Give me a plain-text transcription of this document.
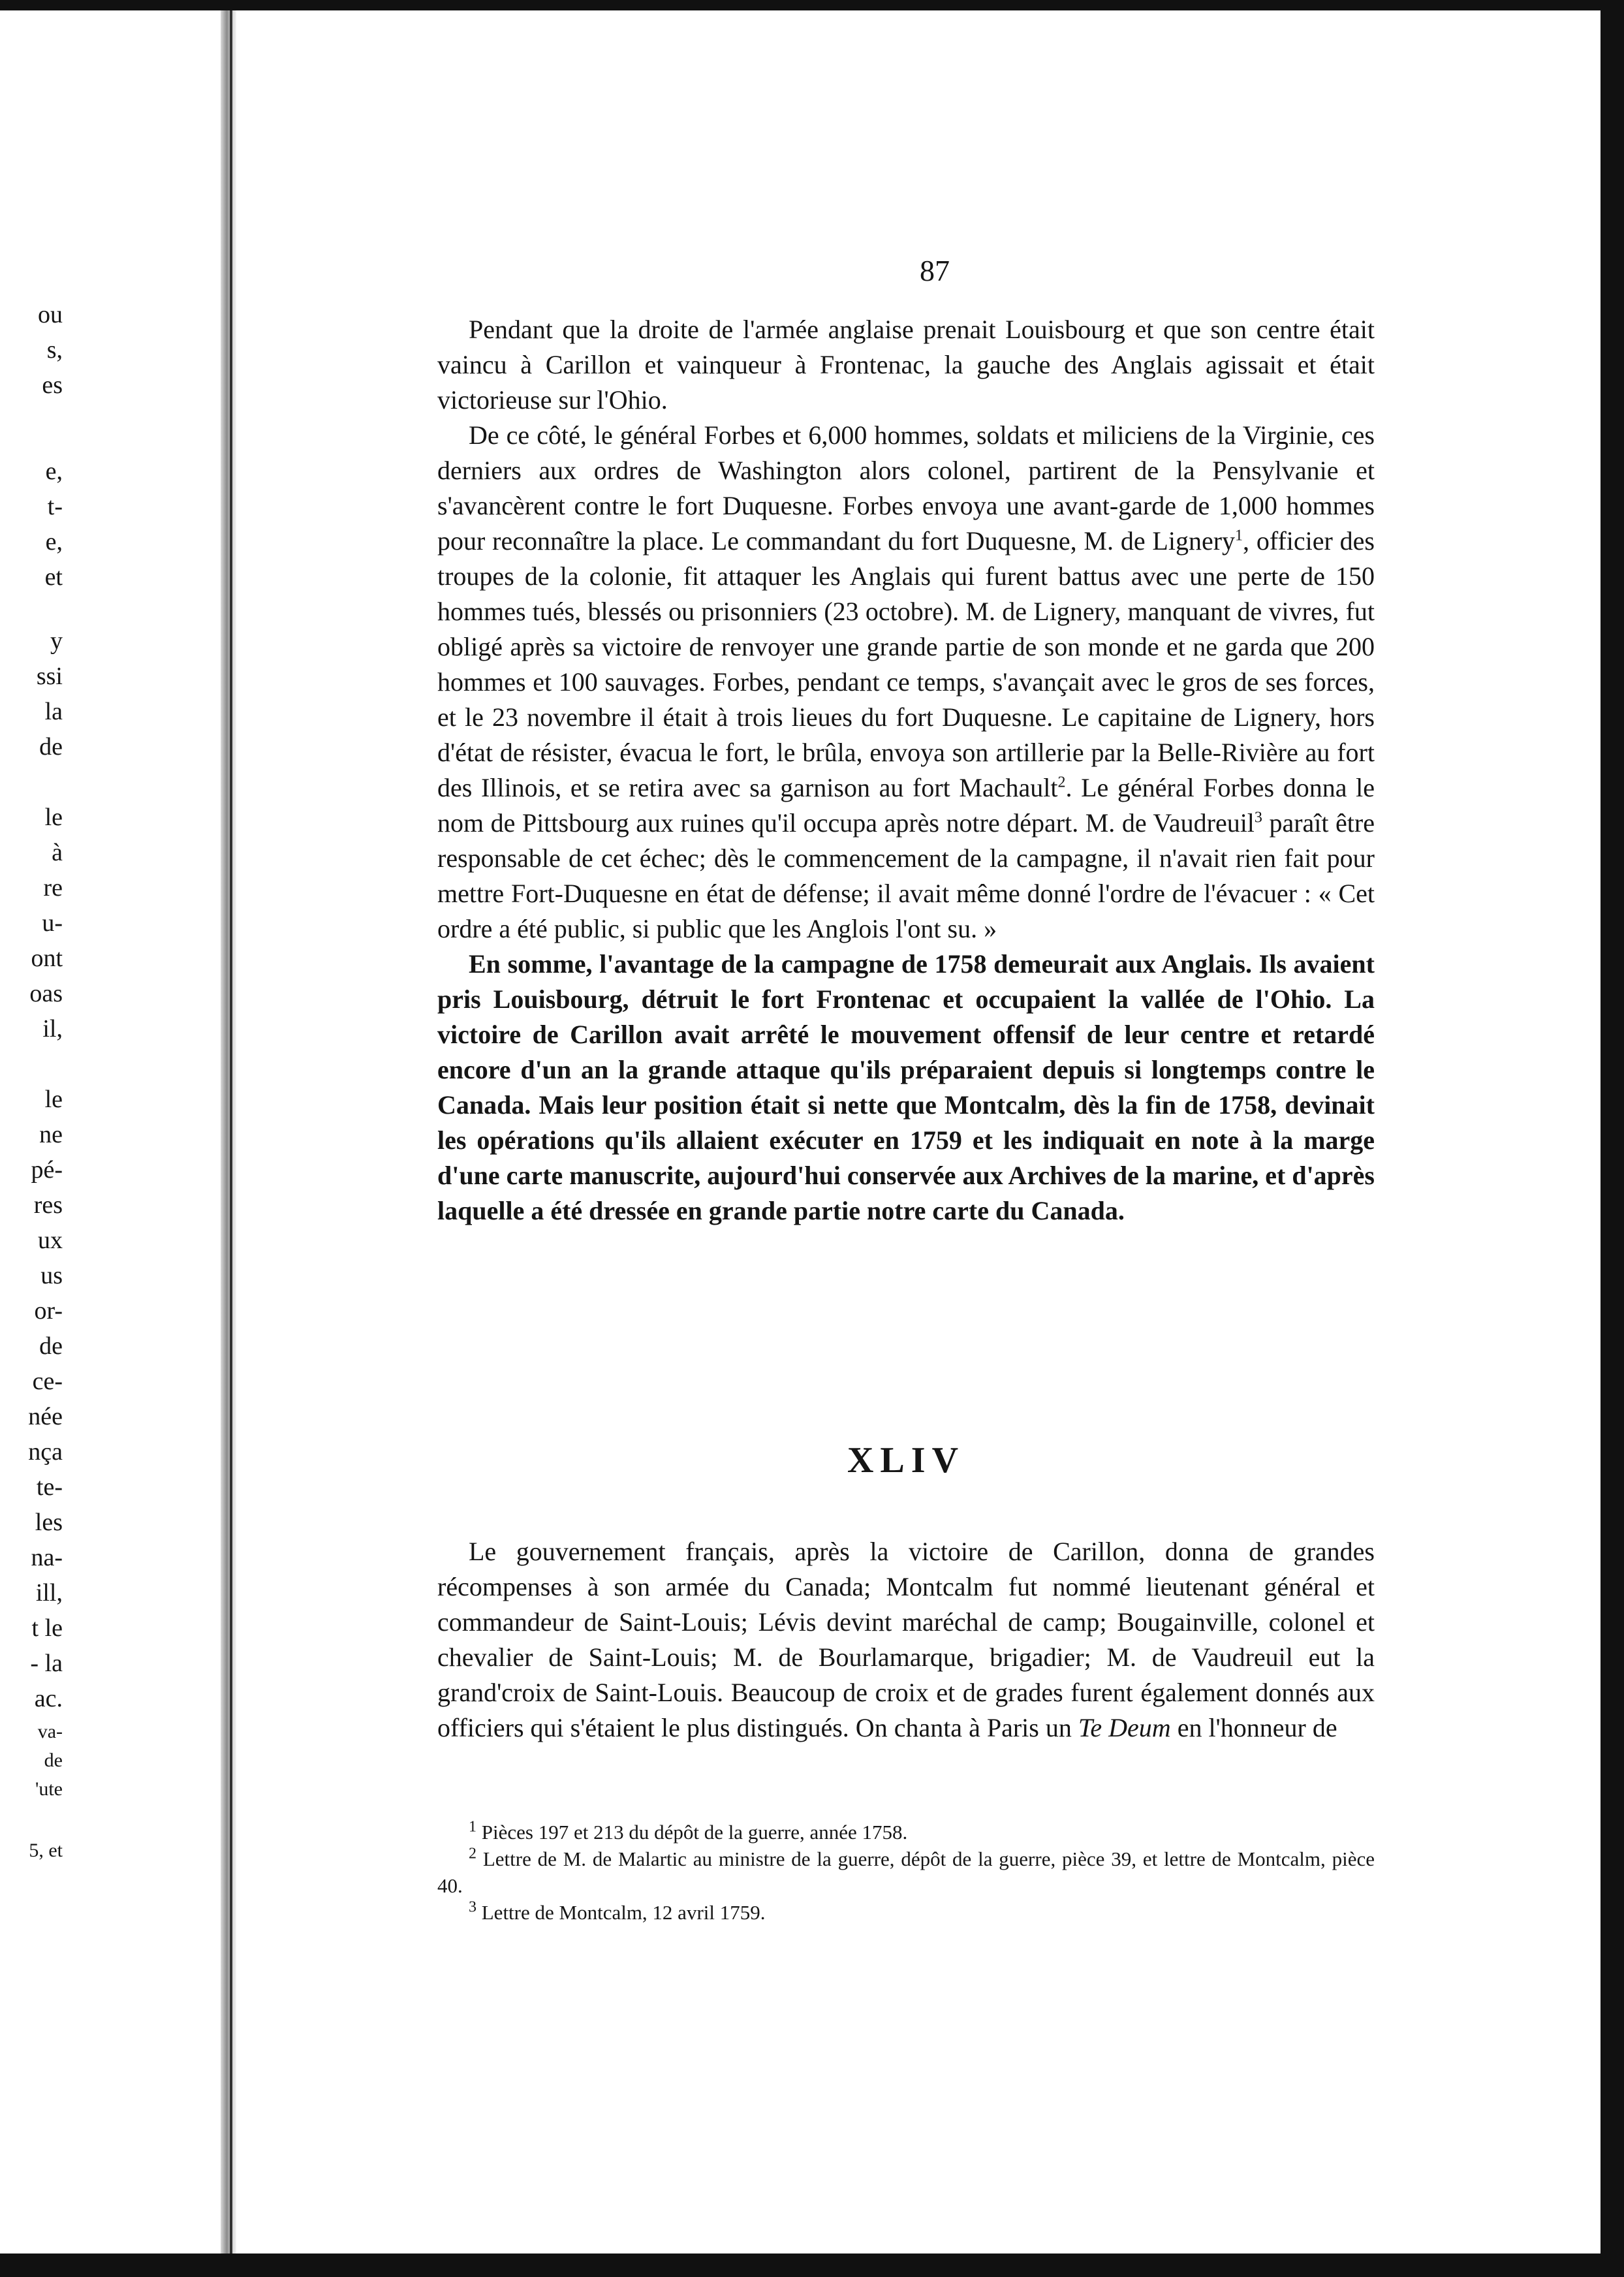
ou
s,
es
e,
t-
e,
et
y
ssi
la
de
le
à
re
u-
ont
oas
il,
le
ne
pé-
res
ux
us
or-
de
ce-
née
nça
te-
les
na-
ill,
t le
- la
ac.
va-
de
'ute
5, et
87

Pendant que la droite de l'armée anglaise prenait Louisbourg et que son centre était vaincu à Carillon et vainqueur à Frontenac, la gauche des Anglais agissait et était victorieuse sur l'Ohio.

De ce côté, le général Forbes et 6,000 hommes, soldats et miliciens de la Virginie, ces derniers aux ordres de Washington alors colonel, partirent de la Pensylvanie et s'avancèrent contre le fort Duquesne. Forbes envoya une avant-garde de 1,000 hommes pour reconnaître la place. Le commandant du fort Duquesne, M. de Lignery$^1$, officier des troupes de la colonie, fit attaquer les Anglais qui furent battus avec une perte de 150 hommes tués, blessés ou prisonniers (23 octobre). M. de Lignery, manquant de vivres, fut obligé après sa victoire de renvoyer une grande partie de son monde et ne garda que 200 hommes et 100 sauvages. Forbes, pendant ce temps, s'avançait avec le gros de ses forces, et le 23 novembre il était à trois lieues du fort Duquesne. Le capitaine de Lignery, hors d'état de résister, évacua le fort, le brûla, envoya son artillerie par la Belle-Rivière au fort des Illinois, et se retira avec sa garnison au fort Machault$^2$. Le général Forbes donna le nom de Pittsbourg aux ruines qu'il occupa après notre départ. M. de Vaudreuil$^3$ paraît être responsable de cet échec; dès le commencement de la campagne, il n'avait rien fait pour mettre Fort-Duquesne en état de défense; il avait même donné l'ordre de l'évacuer : « Cet ordre a été public, si public que les Anglois l'ont su. »

En somme, l'avantage de la campagne de 1758 demeurait aux Anglais. Ils avaient pris Louisbourg, détruit le fort Frontenac et occupaient la vallée de l'Ohio. La victoire de Carillon avait arrêté le mouvement offensif de leur centre et retardé encore d'un an la grande attaque qu'ils préparaient depuis si longtemps contre le Canada. Mais leur position était si nette que Montcalm, dès la fin de 1758, devinait les opérations qu'ils allaient exécuter en 1759 et les indiquait en note à la marge d'une carte manuscrite, aujourd'hui conservée aux Archives de la marine, et d'après laquelle a été dressée en grande partie notre carte du Canada.

XLIV

Le gouvernement français, après la victoire de Carillon, donna de grandes récompenses à son armée du Canada; Montcalm fut nommé lieutenant général et commandeur de Saint-Louis; Lévis devint maréchal de camp; Bougainville, colonel et chevalier de Saint-Louis; M. de Bourlamarque, brigadier; M. de Vaudreuil eut la grand'croix de Saint-Louis. Beaucoup de croix et de grades furent également donnés aux officiers qui s'étaient le plus distingués. On chanta à Paris un Te Deum en l'honneur de

$^1$ Pièces 197 et 213 du dépôt de la guerre, année 1758.

$^2$ Lettre de M. de Malartic au ministre de la guerre, dépôt de la guerre, pièce 39, et lettre de Montcalm, pièce 40.

$^3$ Lettre de Montcalm, 12 avril 1759.
